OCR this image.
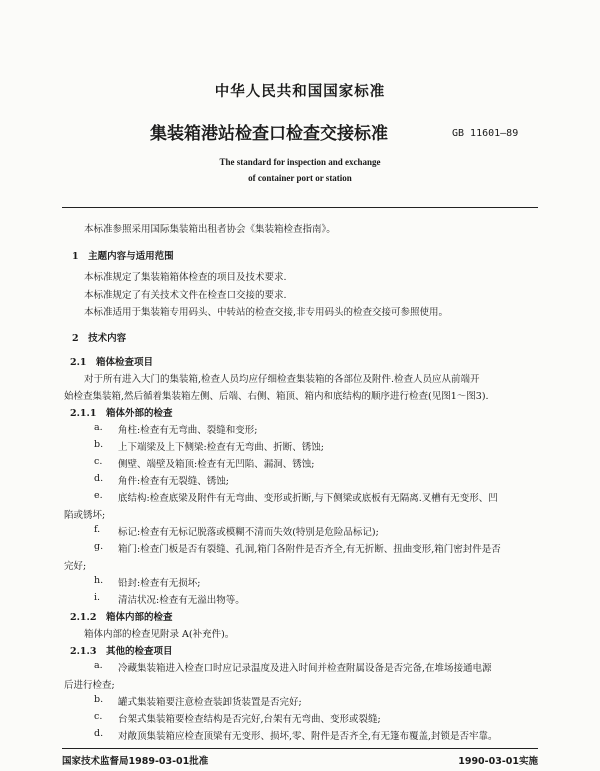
中华人民共和国国家标准
集装箱港站检查口检查交接标准	GB 11601—89
The standard for inspection and exchange
of container port or station
本标准参照采用国际集装箱出租者协会《集装箱检查指南》。
1　主题内容与适用范围
本标准规定了集装箱箱体检查的项目及技术要求.
本标准规定了有关技术文件在检查口交接的要求.
本标准适用于集装箱专用码头、中转站的检查交接,非专用码头的检查交接可参照使用。
2　技术内容
2.1　箱体检查项目
对于所有进入大门的集装箱,检查人员均应仔细检查集装箱的各部位及附件.检查人员应从前端开
始检查集装箱,然后循着集装箱左侧、后端、右侧、箱顶、箱内和底结构的顺序进行检查(见图1～图3).
2.1.1　箱体外部的检查
a. 角柱:检查有无弯曲、裂缝和变形;
b. 上下端梁及上下侧梁:检查有无弯曲、折断、锈蚀;
c. 侧壁、端壁及箱顶:检查有无凹陷、漏洞、锈蚀;
d. 角件:检查有无裂缝、锈蚀;
e. 底结构:检查底梁及附件有无弯曲、变形或折断,与下侧梁或底板有无隔离.叉槽有无变形、凹
陷或锈坏;
f. 标记:检查有无标记脱落或模糊不清而失效(特别是危险品标记);
g. 箱门:检查门板是否有裂缝、孔洞,箱门各附件是否齐全,有无折断、扭曲变形,箱门密封件是否
完好;
h. 铅封:检查有无损坏;
i. 清洁状况:检查有无溢出物等。
2.1.2　箱体内部的检查
箱体内部的检查见附录 A(补充件)。
2.1.3　其他的检查项目
a. 冷藏集装箱进入检查口时应记录温度及进入时间并检查附属设备是否完备,在堆场接通电源
后进行检查;
b. 罐式集装箱要注意检查装卸货装置是否完好;
c. 台架式集装箱要检查结构是否完好,台架有无弯曲、变形或裂缝;
d. 对敞顶集装箱应检查顶梁有无变形、损坏,零、附件是否齐全,有无篷布覆盖,封锁是否牢靠。
国家技术监督局1989-03-01批准	1990-03-01实施
